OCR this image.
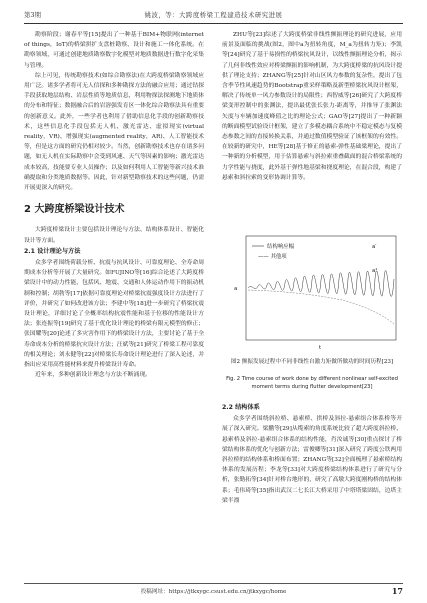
第3期	姚波，等：大跨度桥梁工程建造技术研究进展

勘察阶段；谢春平等[15]提出了一种基于BIM+物联网(internet of things，IoT)的桥梁拼扩支盘桩勘察、设计和施工一体化系统。在勘察领域，可通过创建地质勘察数字化模型对地质数据进行数字化采集与管理。

综上可见，传统勘察技术(如综合勘察法)在大跨度桥梁勘察领域应用广泛。诸多学者将可无人信探和多种勘探方法的融合应用；通过钻探手段获取地层结构、岩层性质等地质信息，利用物探法探测地下地质体的分布和特征；数据融合后的岩溶强发育区一体化综合勘察法具有重要的创新意义。此外，一些学者也利用了借助信息化手段的创新勘察技术，这些信息化手段包括无人机、激光雷达、虚拟现实(virtual reality，VR)、增强现实(augmented reality，AR)、人工智能技术等，但是这方面的研究仍相对较少。当然，创新勘察技术也存在诸多问题，如无人机在实际勘察中会受到风速、天气等因素的影响；激光雷达成本较高，技能要专业人员操作；以及如何利用人工智能等新兴技术准确提取和分类地质数据等。因此，针对新型勘察技术的这些问题，仍需开展更深入的研究。

2 大跨度桥梁设计技术

大跨度桥梁设计主要包括设计理论与方法、结构体系设计、智能化设计等方面。

2.1 设计理论与方法

众多学者围绕荷载分析、抗震与抗风设计、可靠度理论、全寿命周期成本分析等开展了大量研究。如FUJINO等[16]综合论述了大跨度桥梁设计中的动力性能，包括风、地震、交通和人体运动作用下的振动机制和控制；胡勃等[17]依据可靠度理论对桥梁抗震强度设计方法进行了评价，并研究了如何改进该方法；李建中等[18]进一步研究了桥梁抗震设计理论，详细讨论了全概率结构抗震性能和基于位移的性能设计方法；张连振等[19]研究了基于优化设计理论的桥梁有限元模型的修正；张国耀等[20]论述了多灾害作用下的桥梁设计方法，主要讨论了基于全寿命成本分析的桥梁抗灾设计方法；汪斌等[21]研究了桥梁工程可靠度的相关理论；刘永健等[22]对桥梁长寿命设计理论进行了深入论述，并指出应采用高性能材料来提升桥梁设计寿命。

近年来，多种创新设计理念与方法不断涌现。

ZHU等[23]综述了大跨度桥梁非线性颤振理论的研究进展，应用前景及面临的挑战(图2，图中a为扭转角度，M_a为扭转力矩)；李凯等[24]研究了基于易损性的桥梁抗风设计，以线性颤振理论分析，揭示了几何非线性效应对桥梁颤振的影响机制，为大跨度桥梁的抗风设计提供了理论支持；ZHANG等[25]针对山区风力参数的复杂性，提出了包含季节性风速趋势的Bootstrap重采样策略及新型桥梁抗风设计框架，解决了传统单一风力参数设计的局限性；西智威等[26]研究了大跨度桥梁变形控制中的张渊法，提出最优张长张力-距离等，并推导了张渊法矢度与车辆加速度峰值之比的理论公式；GAO等[27]提出了一种新颖的断面模型试验设计框架，建立了多模态耦合系统中不稳定模态与复模态参数之间的直接转换关系，并通过数值模型验证了该框架的有效性。在较新的研究中，HE等[28]基于修正的悬索-弹性基础梁理论，提出了一种新的分析模型，用于估算悬索与斜拉索重叠截面的混合桥梁系统的力学性能与挠度，此外基于弹性地基梁和挠度理论，在混合段，构建了悬索和斜拉索的变形协调计算等。

结构响应幅
—— 其他项
a′
a¹
t
a
图2 颤振发展过程中不同非线性自激力矩做所做功的时间历程[23]
Fig. 2 Time course of work done by different nonlinear self-excited moment terms during flutter development[23]
2.2 结构体系

众多学者围绕斜拉桥、悬索桥、拱桥及斜拉-悬索组合体系桥等开展了深入研究。梁鹏等[29]从缆索的角度系统比较了超大跨度斜拉桥、悬索桥及斜拉-悬索组合体系的结构性能，肖汝诚等[30]重点探讨了桥梁结构体系的优化与创新方法；雷俊卿等[31]深入研究了跨度公铁两用斜拉桥的结构体系和桥面布置；ZHANG等[32]全面梳理了悬索桥结构体系的发展历程；李龙等[33]对大跨度桥梁结构体系进行了研究与分析，张勤拓等[34]针对桥台地形的，研究了高墩大跨度刚构桥的结构体系；毛伟琦等[35]指出武汉二七长江大桥采用了中塔塔梁固结，边塔主梁半漂

投稿网址：https://jtkxygc.csust.edu.cn/jtkxygc/home	17
